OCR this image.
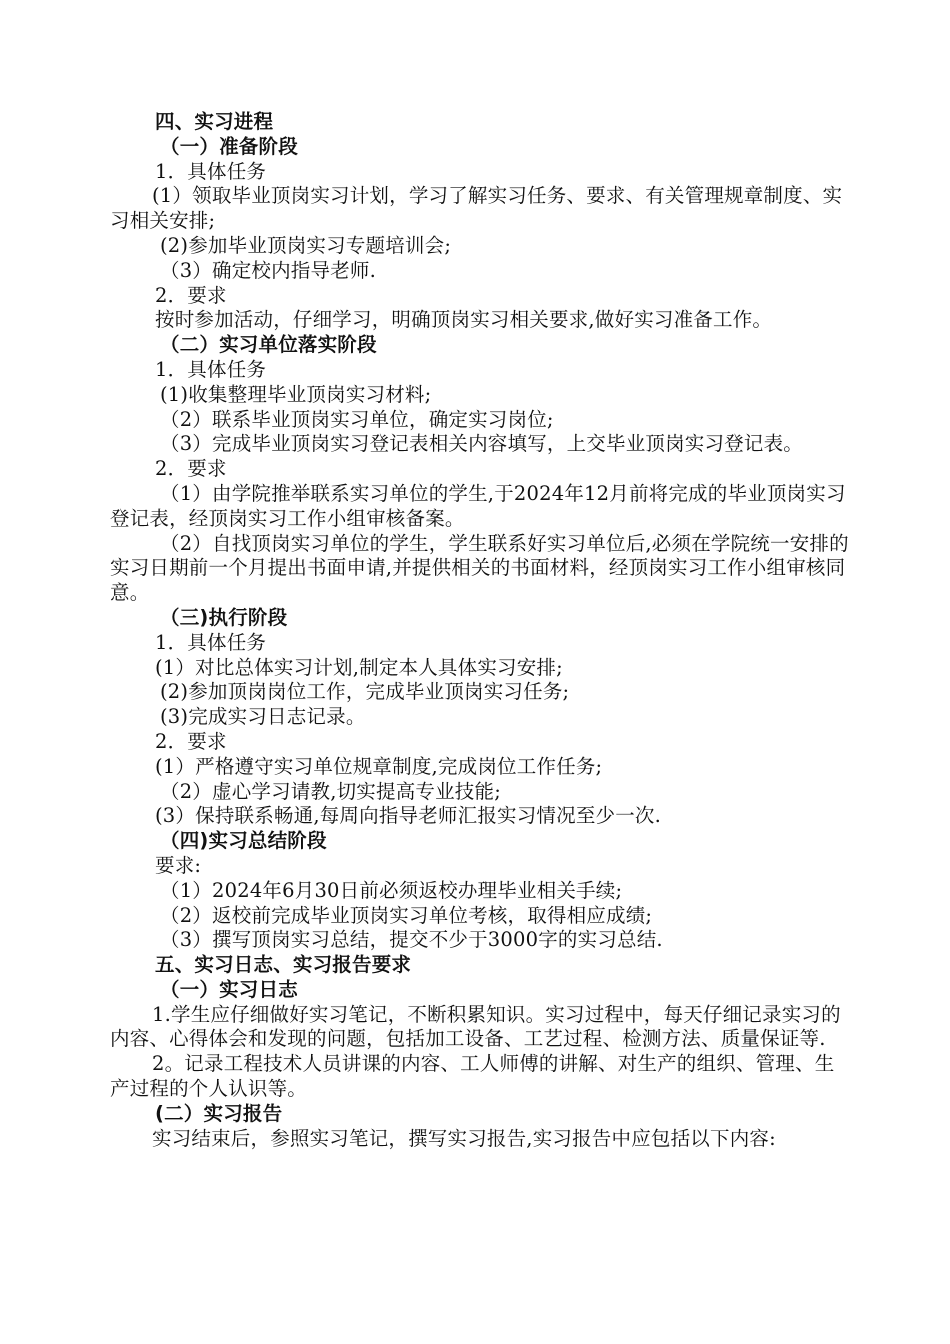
四、实习进程

（一）准备阶段

1．具体任务

(1）领取毕业顶岗实习计划，学习了解实习任务、要求、有关管理规章制度、实习相关安排;

(2)参加毕业顶岗实习专题培训会;

（3）确定校内指导老师.

2．要求

按时参加活动，仔细学习，明确顶岗实习相关要求,做好实习准备工作。

（二）实习单位落实阶段

1．具体任务

(1)收集整理毕业顶岗实习材料;

（2）联系毕业顶岗实习单位，确定实习岗位;

（3）完成毕业顶岗实习登记表相关内容填写，上交毕业顶岗实习登记表。

2．要求

（1）由学院推举联系实习单位的学生,于2024年12月前将完成的毕业顶岗实习登记表，经顶岗实习工作小组审核备案。

（2）自找顶岗实习单位的学生，学生联系好实习单位后,必须在学院统一安排的实习日期前一个月提出书面申请,并提供相关的书面材料，经顶岗实习工作小组审核同意。

（三)执行阶段

1．具体任务

(1）对比总体实习计划,制定本人具体实习安排;

(2)参加顶岗岗位工作，完成毕业顶岗实习任务;

(3)完成实习日志记录。

2．要求

(1）严格遵守实习单位规章制度,完成岗位工作任务;

（2）虚心学习请教,切实提高专业技能;

(3）保持联系畅通,每周向指导老师汇报实习情况至少一次.

（四)实习总结阶段

要求:

（1）2024年6月30日前必须返校办理毕业相关手续;

（2）返校前完成毕业顶岗实习单位考核，取得相应成绩;

（3）撰写顶岗实习总结，提交不少于3000字的实习总结.

五、实习日志、实习报告要求

（一）实习日志

1.学生应仔细做好实习笔记，不断积累知识。实习过程中，每天仔细记录实习的内容、心得体会和发现的问题，包括加工设备、工艺过程、检测方法、质量保证等.

2。记录工程技术人员讲课的内容、工人师傅的讲解、对生产的组织、管理、生产过程的个人认识等。

(二）实习报告

实习结束后，参照实习笔记，撰写实习报告,实习报告中应包括以下内容:
